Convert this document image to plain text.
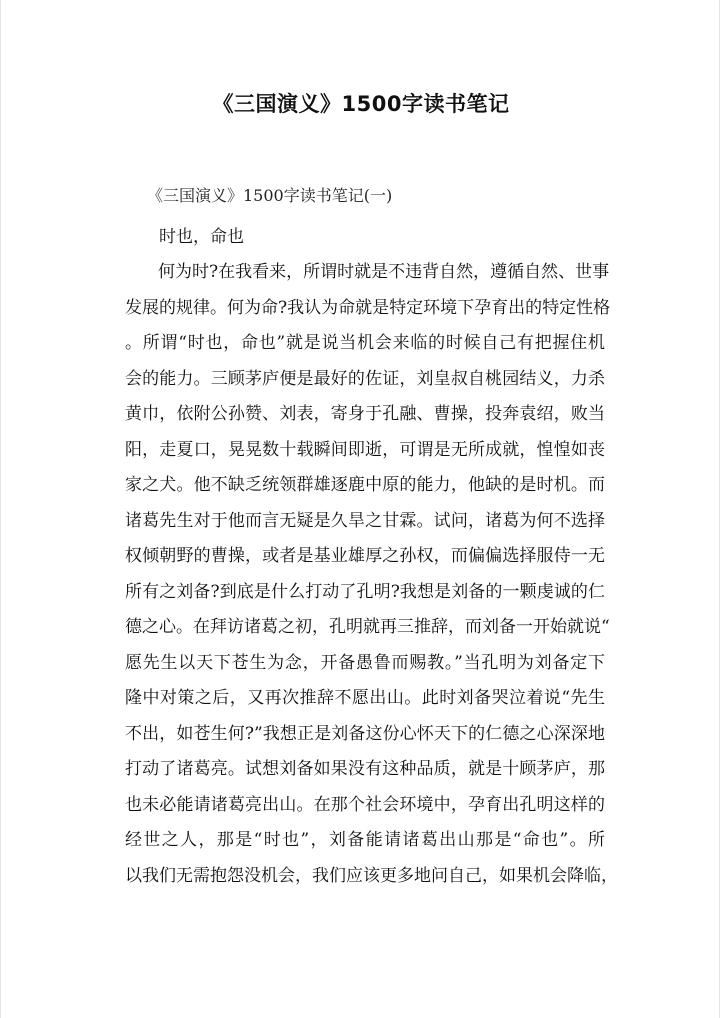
《三国演义》1500字读书笔记
《三国演义》1500字读书笔记(一)
时也，命也
何为时?在我看来，所谓时就是不违背自然，遵循自然、世事
发展的规律。何为命?我认为命就是特定环境下孕育出的特定性格
。所谓“时也，命也”就是说当机会来临的时候自己有把握住机
会的能力。三顾茅庐便是最好的佐证，刘皇叔自桃园结义，力杀
黄巾，依附公孙赞、刘表，寄身于孔融、曹操，投奔袁绍，败当
阳，走夏口，晃晃数十载瞬间即逝，可谓是无所成就，惶惶如丧
家之犬。他不缺乏统领群雄逐鹿中原的能力，他缺的是时机。而
诸葛先生对于他而言无疑是久旱之甘霖。试问，诸葛为何不选择
权倾朝野的曹操，或者是基业雄厚之孙权，而偏偏选择服侍一无
所有之刘备?到底是什么打动了孔明?我想是刘备的一颗虔诚的仁
德之心。在拜访诸葛之初，孔明就再三推辞，而刘备一开始就说“
愿先生以天下苍生为念，开备愚鲁而赐教。”当孔明为刘备定下
隆中对策之后，又再次推辞不愿出山。此时刘备哭泣着说“先生
不出，如苍生何?”我想正是刘备这份心怀天下的仁德之心深深地
打动了诸葛亮。试想刘备如果没有这种品质，就是十顾茅庐，那
也未必能请诸葛亮出山。在那个社会环境中，孕育出孔明这样的
经世之人，那是“时也”，刘备能请诸葛出山那是“命也”。所
以我们无需抱怨没机会，我们应该更多地问自己，如果机会降临，
